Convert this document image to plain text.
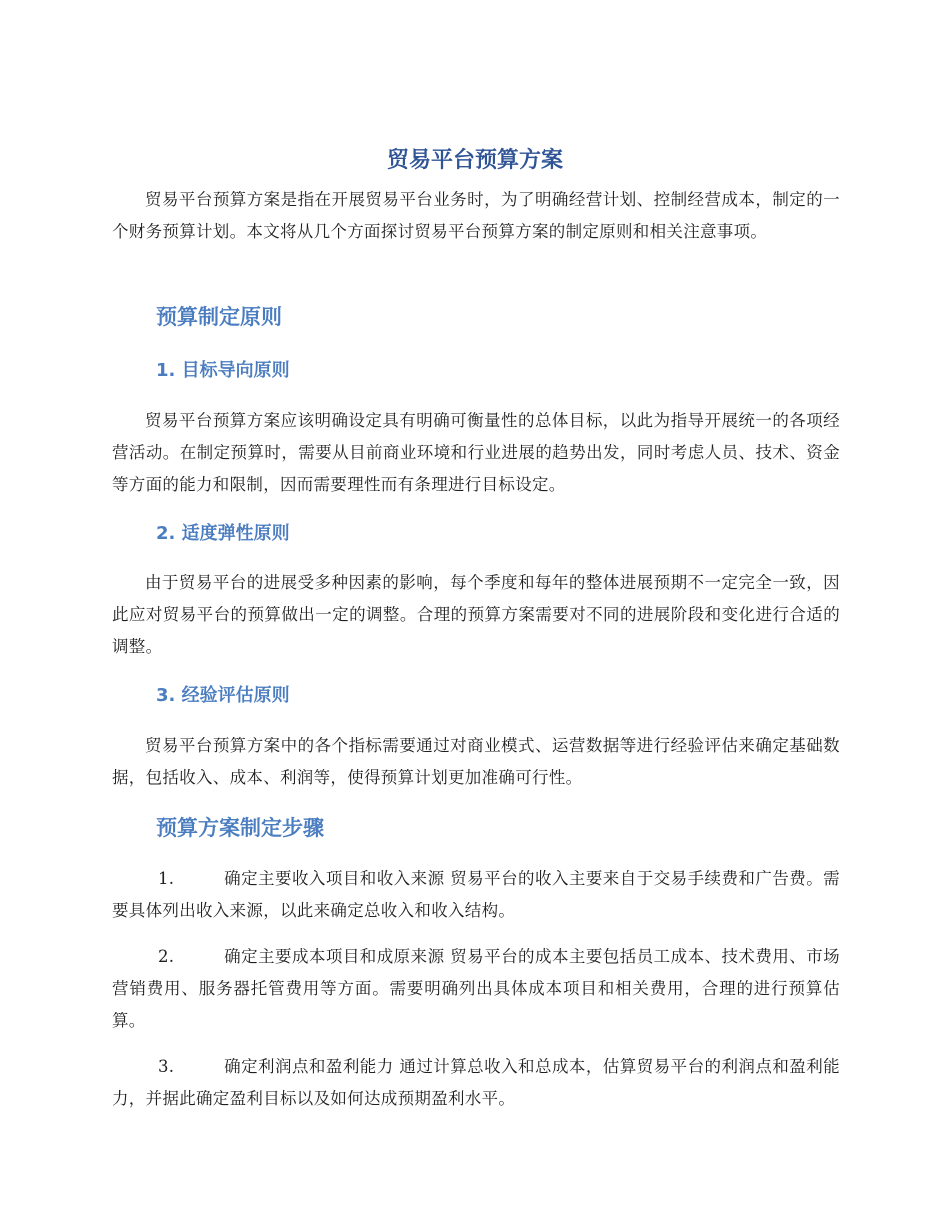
贸易平台预算方案

贸易平台预算方案是指在开展贸易平台业务时，为了明确经营计划、控制经营成本，制定的一个财务预算计划。本文将从几个方面探讨贸易平台预算方案的制定原则和相关注意事项。

预算制定原则
1. 目标导向原则

贸易平台预算方案应该明确设定具有明确可衡量性的总体目标，以此为指导开展统一的各项经营活动。在制定预算时，需要从目前商业环境和行业进展的趋势出发，同时考虑人员、技术、资金等方面的能力和限制，因而需要理性而有条理进行目标设定。

2. 适度弹性原则

由于贸易平台的进展受多种因素的影响，每个季度和每年的整体进展预期不一定完全一致，因此应对贸易平台的预算做出一定的调整。合理的预算方案需要对不同的进展阶段和变化进行合适的调整。

3. 经验评估原则

贸易平台预算方案中的各个指标需要通过对商业模式、运营数据等进行经验评估来确定基础数据，包括收入、成本、利润等，使得预算计划更加准确可行性。

预算方案制定步骤

1.	确定主要收入项目和收入来源 贸易平台的收入主要来自于交易手续费和广告费。需要具体列出收入来源，以此来确定总收入和收入结构。

2.	确定主要成本项目和成原来源 贸易平台的成本主要包括员工成本、技术费用、市场营销费用、服务器托管费用等方面。需要明确列出具体成本项目和相关费用，合理的进行预算估算。

3.	确定利润点和盈利能力 通过计算总收入和总成本，估算贸易平台的利润点和盈利能力，并据此确定盈利目标以及如何达成预期盈利水平。
